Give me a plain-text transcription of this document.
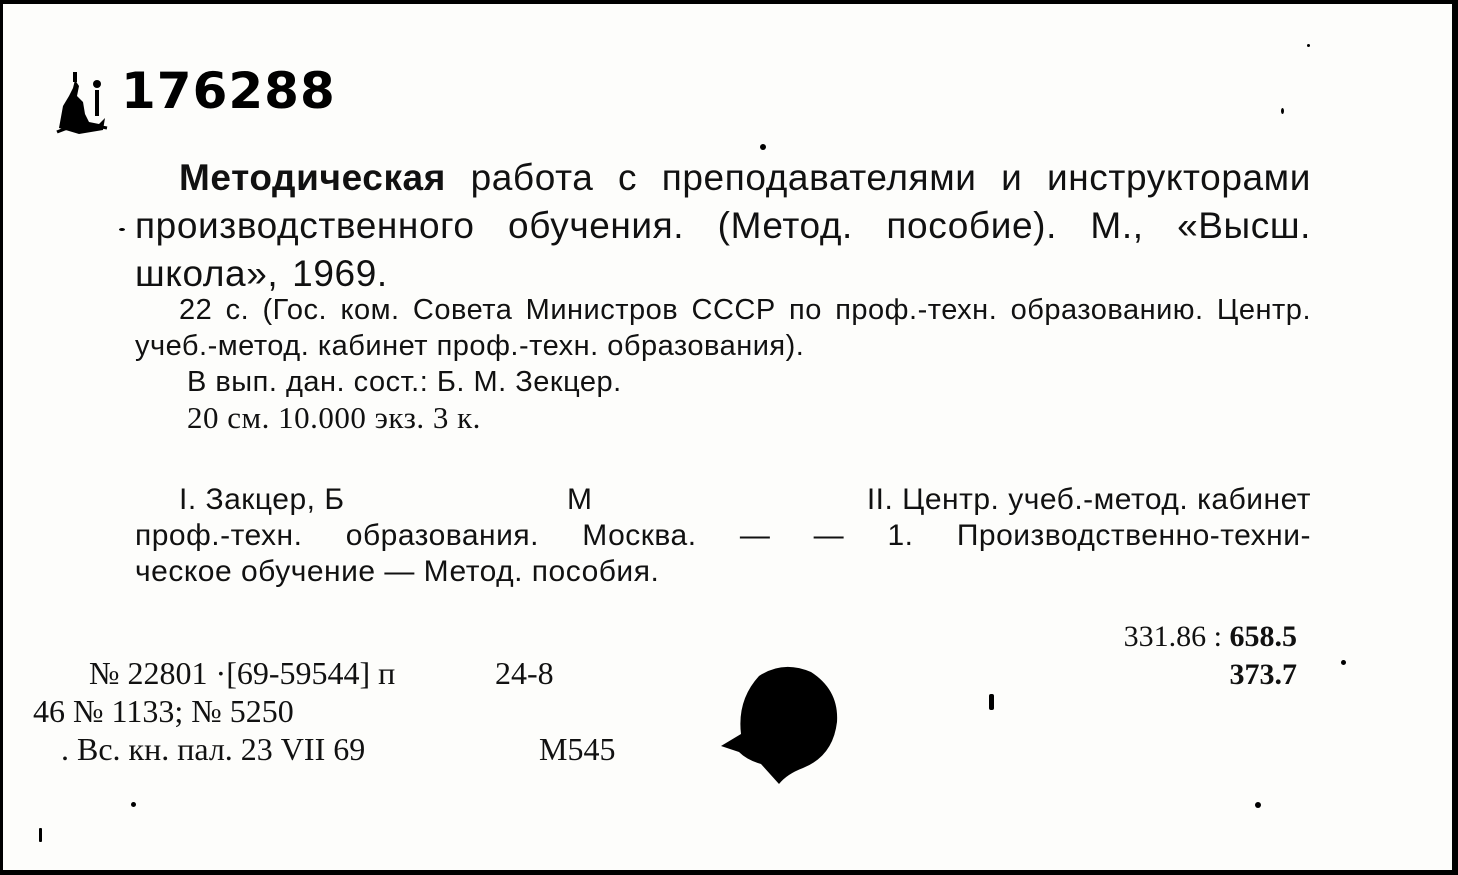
176288
Методическая работа с преподавателями и инструкторами производственного обучения. (Метод. пособие). М., «Высш. школа», 1969.
22 с. (Гос. ком. Совета Министров СССР по проф.-техн. образованию. Центр. учеб.-метод. кабинет проф.-техн. образования).
В вып. дан. сост.: Б. М. Зекцер.
20 см. 10.000 экз. 3 к.
I. Закцер, Б	М	II. Центр. учеб.-метод. кабинет
проф.-техн. образования. Москва. — — 1. Производственно-техни-
ческое обучение — Метод. пособия.
331.86 : 658.5
373.7
№ 22801 ·[69-59544] п	24-8
46 № 1133; № 5250
. Вс. кн. пал. 23 VII 69	М545
